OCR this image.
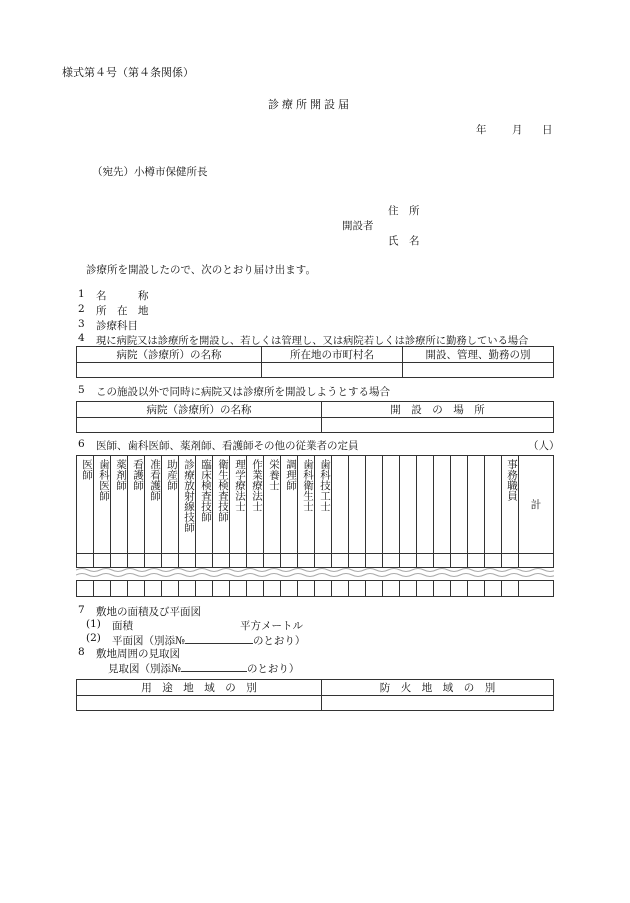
様式第４号（第４条関係）
診療所開設届
年 月 日
（宛先）小樽市保健所長
住　所
開設者
氏　名
診療所を開設したので、次のとおり届け出ます。
1 名　　　称
2 所　在　地
3 診療科目
4 現に病院又は診療所を開設し、若しくは管理し、又は病院若しくは診療所に勤務している場合
病院（診療所）の名称	所在地の市町村名	開設、管理、勤務の別

5 この施設以外で同時に病院又は診療所を開設しようとする場合
病院（診療所）の名称	開　設　の　場　所

6 医師、歯科医師、薬剤師、看護師その他の従業者の定員	（人）
医師	歯科医師	薬剤師	看護師	准看護師	助産師	診療放射線技師	臨床検査技師	衛生検査技師	理学療法士	作業療法士	栄養士	調理師	歯科衛生士	歯科技工士											事務職員	計

7 敷地の面積及び平面図
(1) 面積	平方メートル
(2) 平面図（別添№	のとおり）
8 敷地周囲の見取図
見取図（別添№	のとおり）
用　途　地　域　の　別	防　火　地　域　の　別
